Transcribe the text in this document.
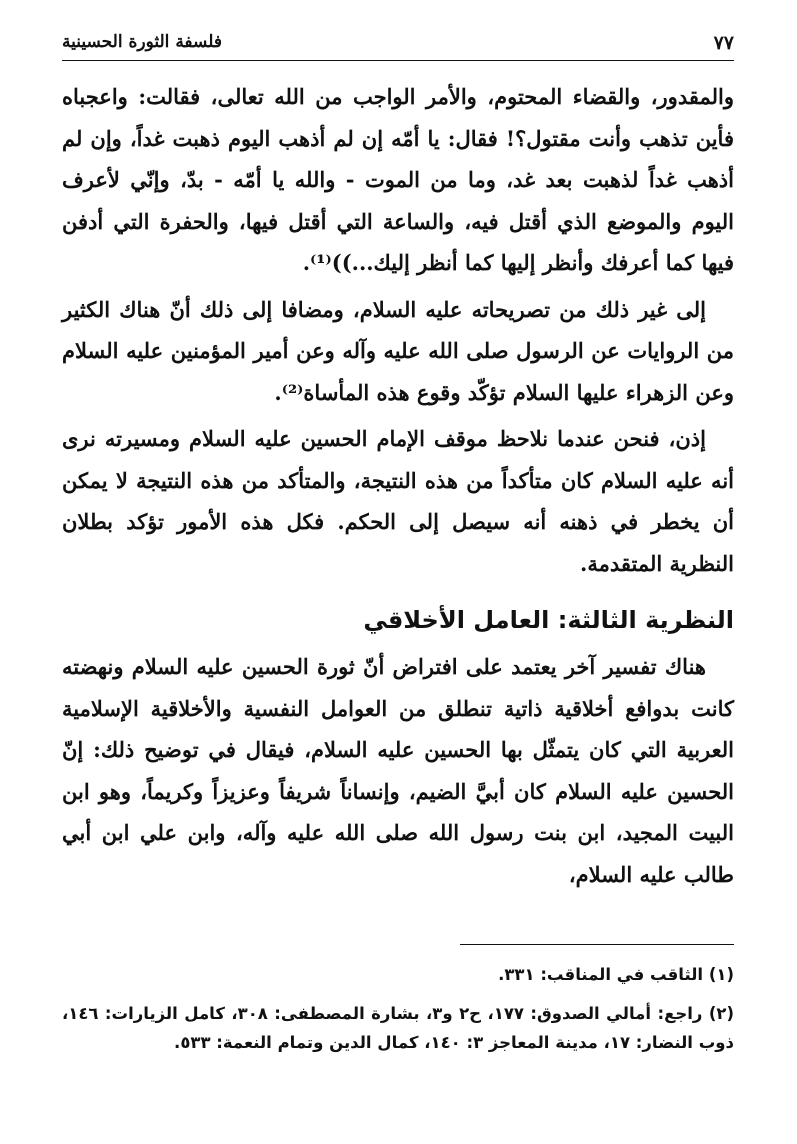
٧٧
فلسفة الثورة الحسينية

والمقدور، والقضاء المحتوم، والأمر الواجب من الله تعالى، فقالت: واعجباه فأين تذهب وأنت مقتول؟! فقال: يا أمّه إن لم أذهب اليوم ذهبت غداً، وإن لم أذهب غداً لذهبت بعد غد، وما من الموت - والله يا أمّه - بدّ، وإنّي لأعرف اليوم والموضع الذي أقتل فيه، والساعة التي أقتل فيها، والحفرة التي أدفن فيها كما أعرفك وأنظر إليها كما أنظر إليك...))⁽¹⁾.

إلى غير ذلك من تصريحاته عليه السلام، ومضافا إلى ذلك أنّ هناك الكثير من الروايات عن الرسول صلى الله عليه وآله وعن أمير المؤمنين عليه السلام وعن الزهراء عليها السلام تؤكّد وقوع هذه المأساة⁽²⁾.

إذن، فنحن عندما نلاحظ موقف الإمام الحسين عليه السلام ومسيرته نرى أنه عليه السلام كان متأكداً من هذه النتيجة، والمتأكد من هذه النتيجة لا يمكن أن يخطر في ذهنه أنه سيصل إلى الحكم. فكل هذه الأمور تؤكد بطلان النظرية المتقدمة.

النظرية الثالثة: العامل الأخلاقي

هناك تفسير آخر يعتمد على افتراض أنّ ثورة الحسين عليه السلام ونهضته كانت بدوافع أخلاقية ذاتية تنطلق من العوامل النفسية والأخلاقية الإسلامية العربية التي كان يتمثّل بها الحسين عليه السلام، فيقال في توضيح ذلك: إنّ الحسين عليه السلام كان أبيَّ الضيم، وإنساناً شريفاً وعزيزاً وكريماً، وهو ابن البيت المجيد، ابن بنت رسول الله صلى الله عليه وآله، وابن علي ابن أبي طالب عليه السلام،

(١) الثاقب في المناقب: ٣٣١.

(٢) راجع: أمالي الصدوق: ١٧٧، ح٢ و٣، بشارة المصطفى: ٣٠٨، كامل الزيارات: ١٤٦، ذوب النضار: ١٧، مدينة المعاجز ٣: ١٤٠، كمال الدين وتمام النعمة: ٥٣٣.
